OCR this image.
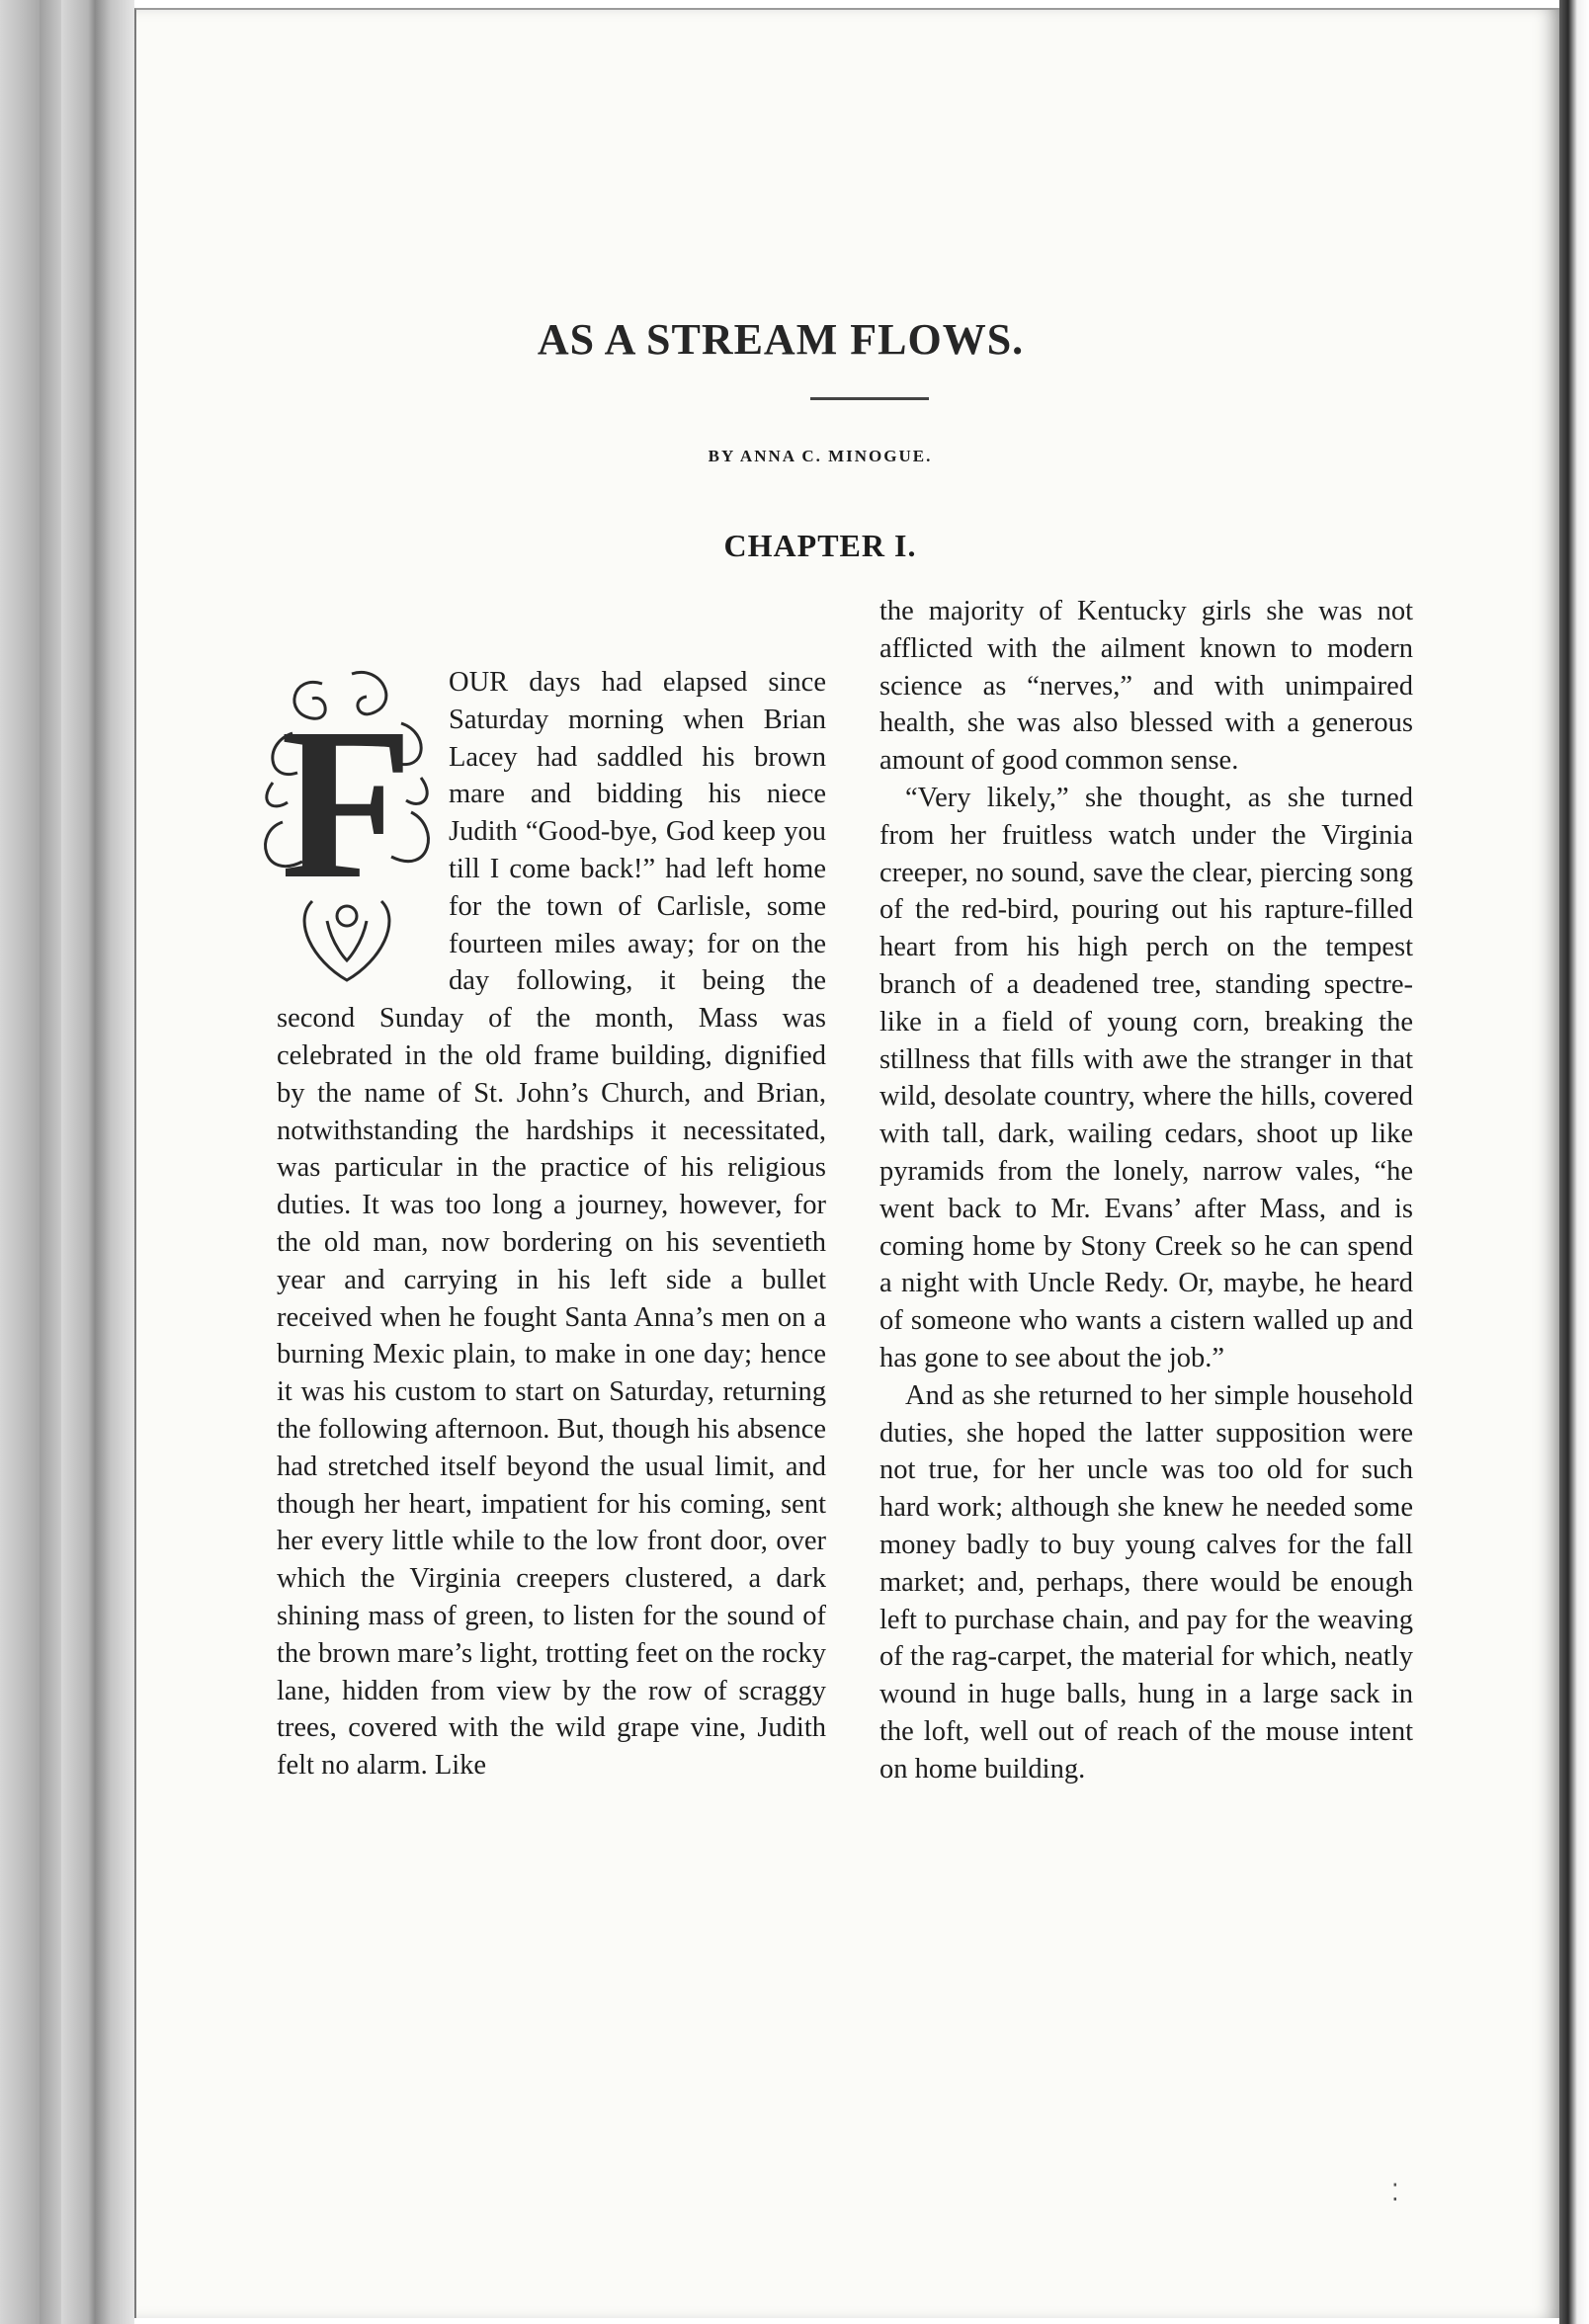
AS A STREAM FLOWS.
BY ANNA C. MINOGUE.
CHAPTER I.
F

OUR days had elapsed since Saturday morning when Brian Lacey had saddled his brown mare and bidding his niece Judith “Good-bye, God keep you till I come back!” had left home for the town of Carlisle, some fourteen miles away; for on the day following, it being the second Sunday of the month, Mass was celebrated in the old frame building, dignified by the name of St. John’s Church, and Brian, notwithstanding the hardships it necessitated, was particular in the practice of his religious duties. It was too long a journey, however, for the old man, now bordering on his seventieth year and carrying in his left side a bullet received when he fought Santa Anna’s men on a burning Mexic plain, to make in one day; hence it was his custom to start on Saturday, returning the following afternoon. But, though his absence had stretched itself beyond the usual limit, and though her heart, impatient for his coming, sent her every little while to the low front door, over which the Virginia creepers clustered, a dark shining mass of green, to listen for the sound of the brown mare’s light, trotting feet on the rocky lane, hidden from view by the row of scraggy trees, covered with the wild grape vine, Judith felt no alarm. Like

the majority of Kentucky girls she was not afflicted with the ailment known to modern science as “nerves,” and with unimpaired health, she was also blessed with a generous amount of good common sense.

“Very likely,” she thought, as she turned from her fruitless watch under the Virginia creeper, no sound, save the clear, piercing song of the red-bird, pouring out his rapture-filled heart from his high perch on the tempest branch of a deadened tree, standing spectre-like in a field of young corn, breaking the stillness that fills with awe the stranger in that wild, desolate country, where the hills, covered with tall, dark, wailing cedars, shoot up like pyramids from the lonely, narrow vales, “he went back to Mr. Evans’ after Mass, and is coming home by Stony Creek so he can spend a night with Uncle Redy. Or, maybe, he heard of someone who wants a cistern walled up and has gone to see about the job.”

And as she returned to her simple household duties, she hoped the latter supposition were not true, for her uncle was too old for such hard work; although she knew he needed some money badly to buy young calves for the fall market; and, perhaps, there would be enough left to purchase chain, and pay for the weaving of the rag-carpet, the material for which, neatly wound in huge balls, hung in a large sack in the loft, well out of reach of the mouse intent on home building.

⁚
